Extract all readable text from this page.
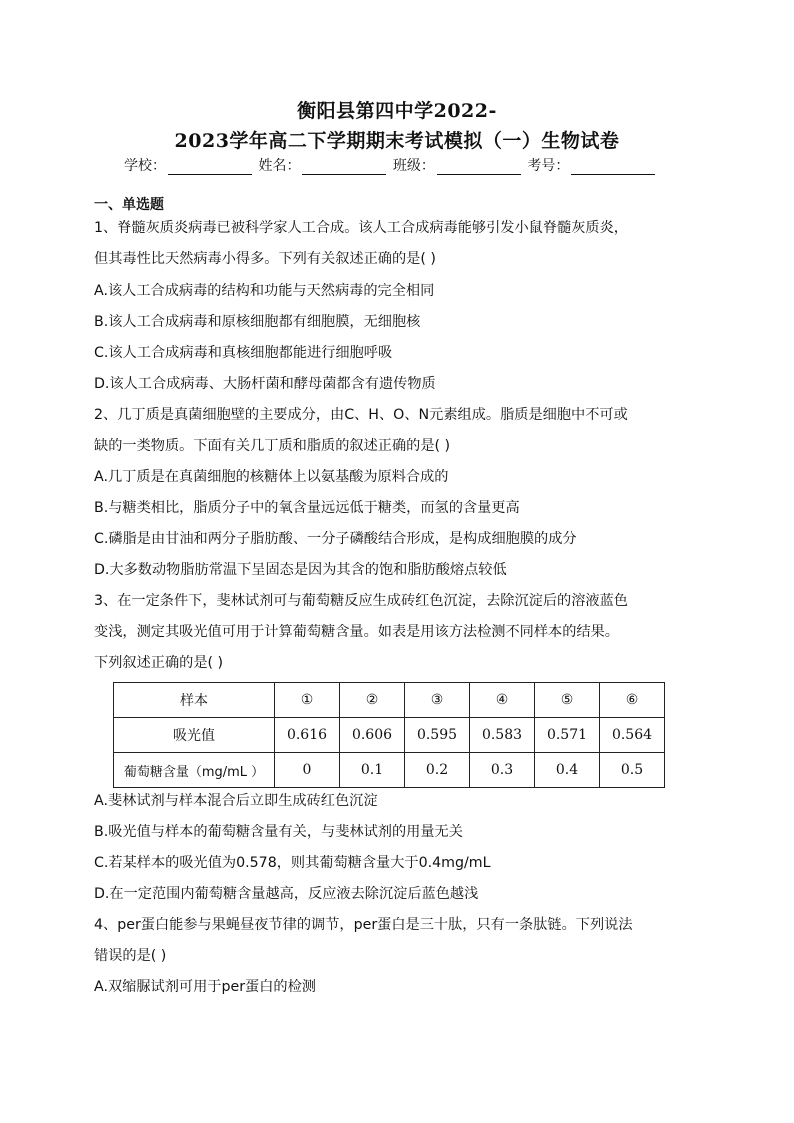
衡阳县第四中学2022-
2023学年高二下学期期末考试模拟（一）生物试卷
学校：	姓名：	班级：	考号：
一、单选题
1、脊髓灰质炎病毒已被科学家人工合成。该人工合成病毒能够引发小鼠脊髓灰质炎，
但其毒性比天然病毒小得多。下列有关叙述正确的是( )
A.该人工合成病毒的结构和功能与天然病毒的完全相同
B.该人工合成病毒和原核细胞都有细胞膜，无细胞核
C.该人工合成病毒和真核细胞都能进行细胞呼吸
D.该人工合成病毒、大肠杆菌和酵母菌都含有遗传物质
2、几丁质是真菌细胞壁的主要成分，由C、H、O、N元素组成。脂质是细胞中不可或
缺的一类物质。下面有关几丁质和脂质的叙述正确的是( )
A.几丁质是在真菌细胞的核糖体上以氨基酸为原料合成的
B.与糖类相比，脂质分子中的氧含量远远低于糖类，而氢的含量更高
C.磷脂是由甘油和两分子脂肪酸、一分子磷酸结合形成，是构成细胞膜的成分
D.大多数动物脂肪常温下呈固态是因为其含的饱和脂肪酸熔点较低
3、在一定条件下，斐林试剂可与葡萄糖反应生成砖红色沉淀，去除沉淀后的溶液蓝色
变浅，测定其吸光值可用于计算葡萄糖含量。如表是用该方法检测不同样本的结果。
下列叙述正确的是( )
样本	①	②	③	④	⑤	⑥
吸光值	0.616	0.606	0.595	0.583	0.571	0.564
葡萄糖含量（mg/mL ）	0	0.1	0.2	0.3	0.4	0.5
A.斐林试剂与样本混合后立即生成砖红色沉淀
B.吸光值与样本的葡萄糖含量有关，与斐林试剂的用量无关
C.若某样本的吸光值为0.578，则其葡萄糖含量大于0.4mg/mL
D.在一定范围内葡萄糖含量越高，反应液去除沉淀后蓝色越浅
4、per蛋白能参与果蝇昼夜节律的调节，per蛋白是三十肽，只有一条肽链。下列说法
错误的是( )
A.双缩脲试剂可用于per蛋白的检测
